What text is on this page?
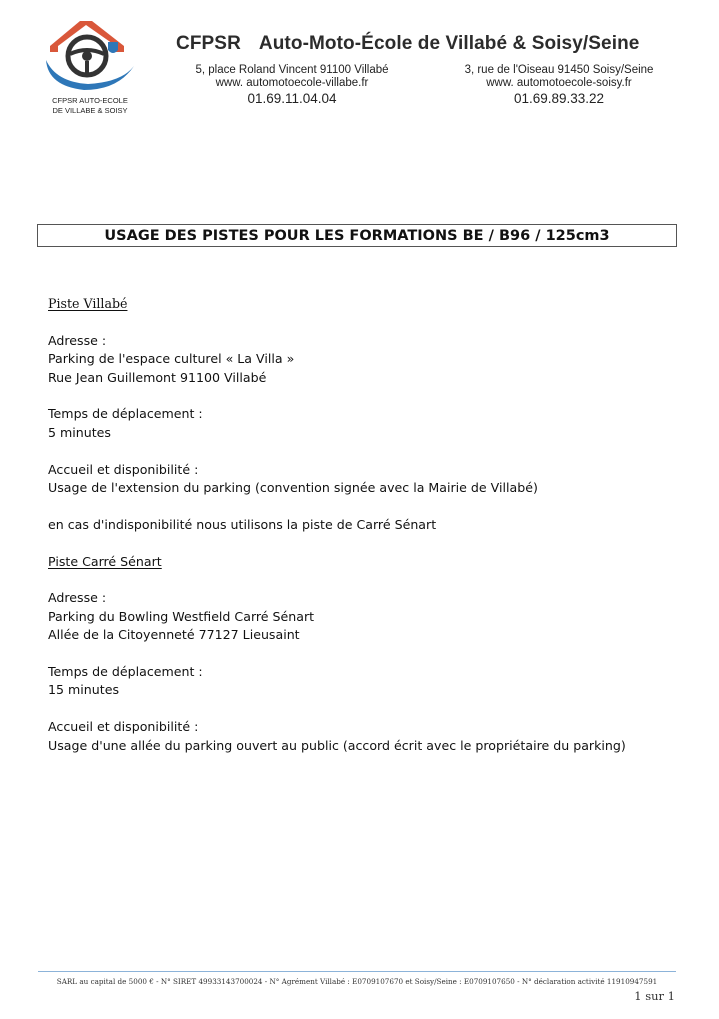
CFPSR AUTO-ECOLE
DE VILLABE & SOISY
CFPSR Auto-Moto-École de Villabé & Soisy/Seine
5, place Roland Vincent 91100 Villabé
www. automotoecole-villabe.fr
01.69.11.04.04
3, rue de l'Oiseau 91450 Soisy/Seine
www. automotoecole-soisy.fr
01.69.89.33.22
USAGE DES PISTES POUR LES FORMATIONS BE / B96 / 125cm3

Piste Villabé

Adresse :

Parking de l'espace culturel « La Villa »

Rue Jean Guillemont 91100 Villabé

Temps de déplacement :

5 minutes

Accueil et disponibilité :

Usage de l'extension du parking (convention signée avec la Mairie de Villabé)

en cas d'indisponibilité nous utilisons la piste de Carré Sénart

Piste Carré Sénart

Adresse :

Parking du Bowling Westfield Carré Sénart

Allée de la Citoyenneté 77127 Lieusaint

Temps de déplacement :

15 minutes

Accueil et disponibilité :

Usage d'une allée du parking ouvert au public (accord écrit avec le propriétaire du parking)

SARL au capital de 5000 € - N° SIRET 49933143700024 - N° Agrément Villabé : E0709107670 et Soisy/Seine : E0709107650 - N° déclaration activité 11910947591
1 sur 1
